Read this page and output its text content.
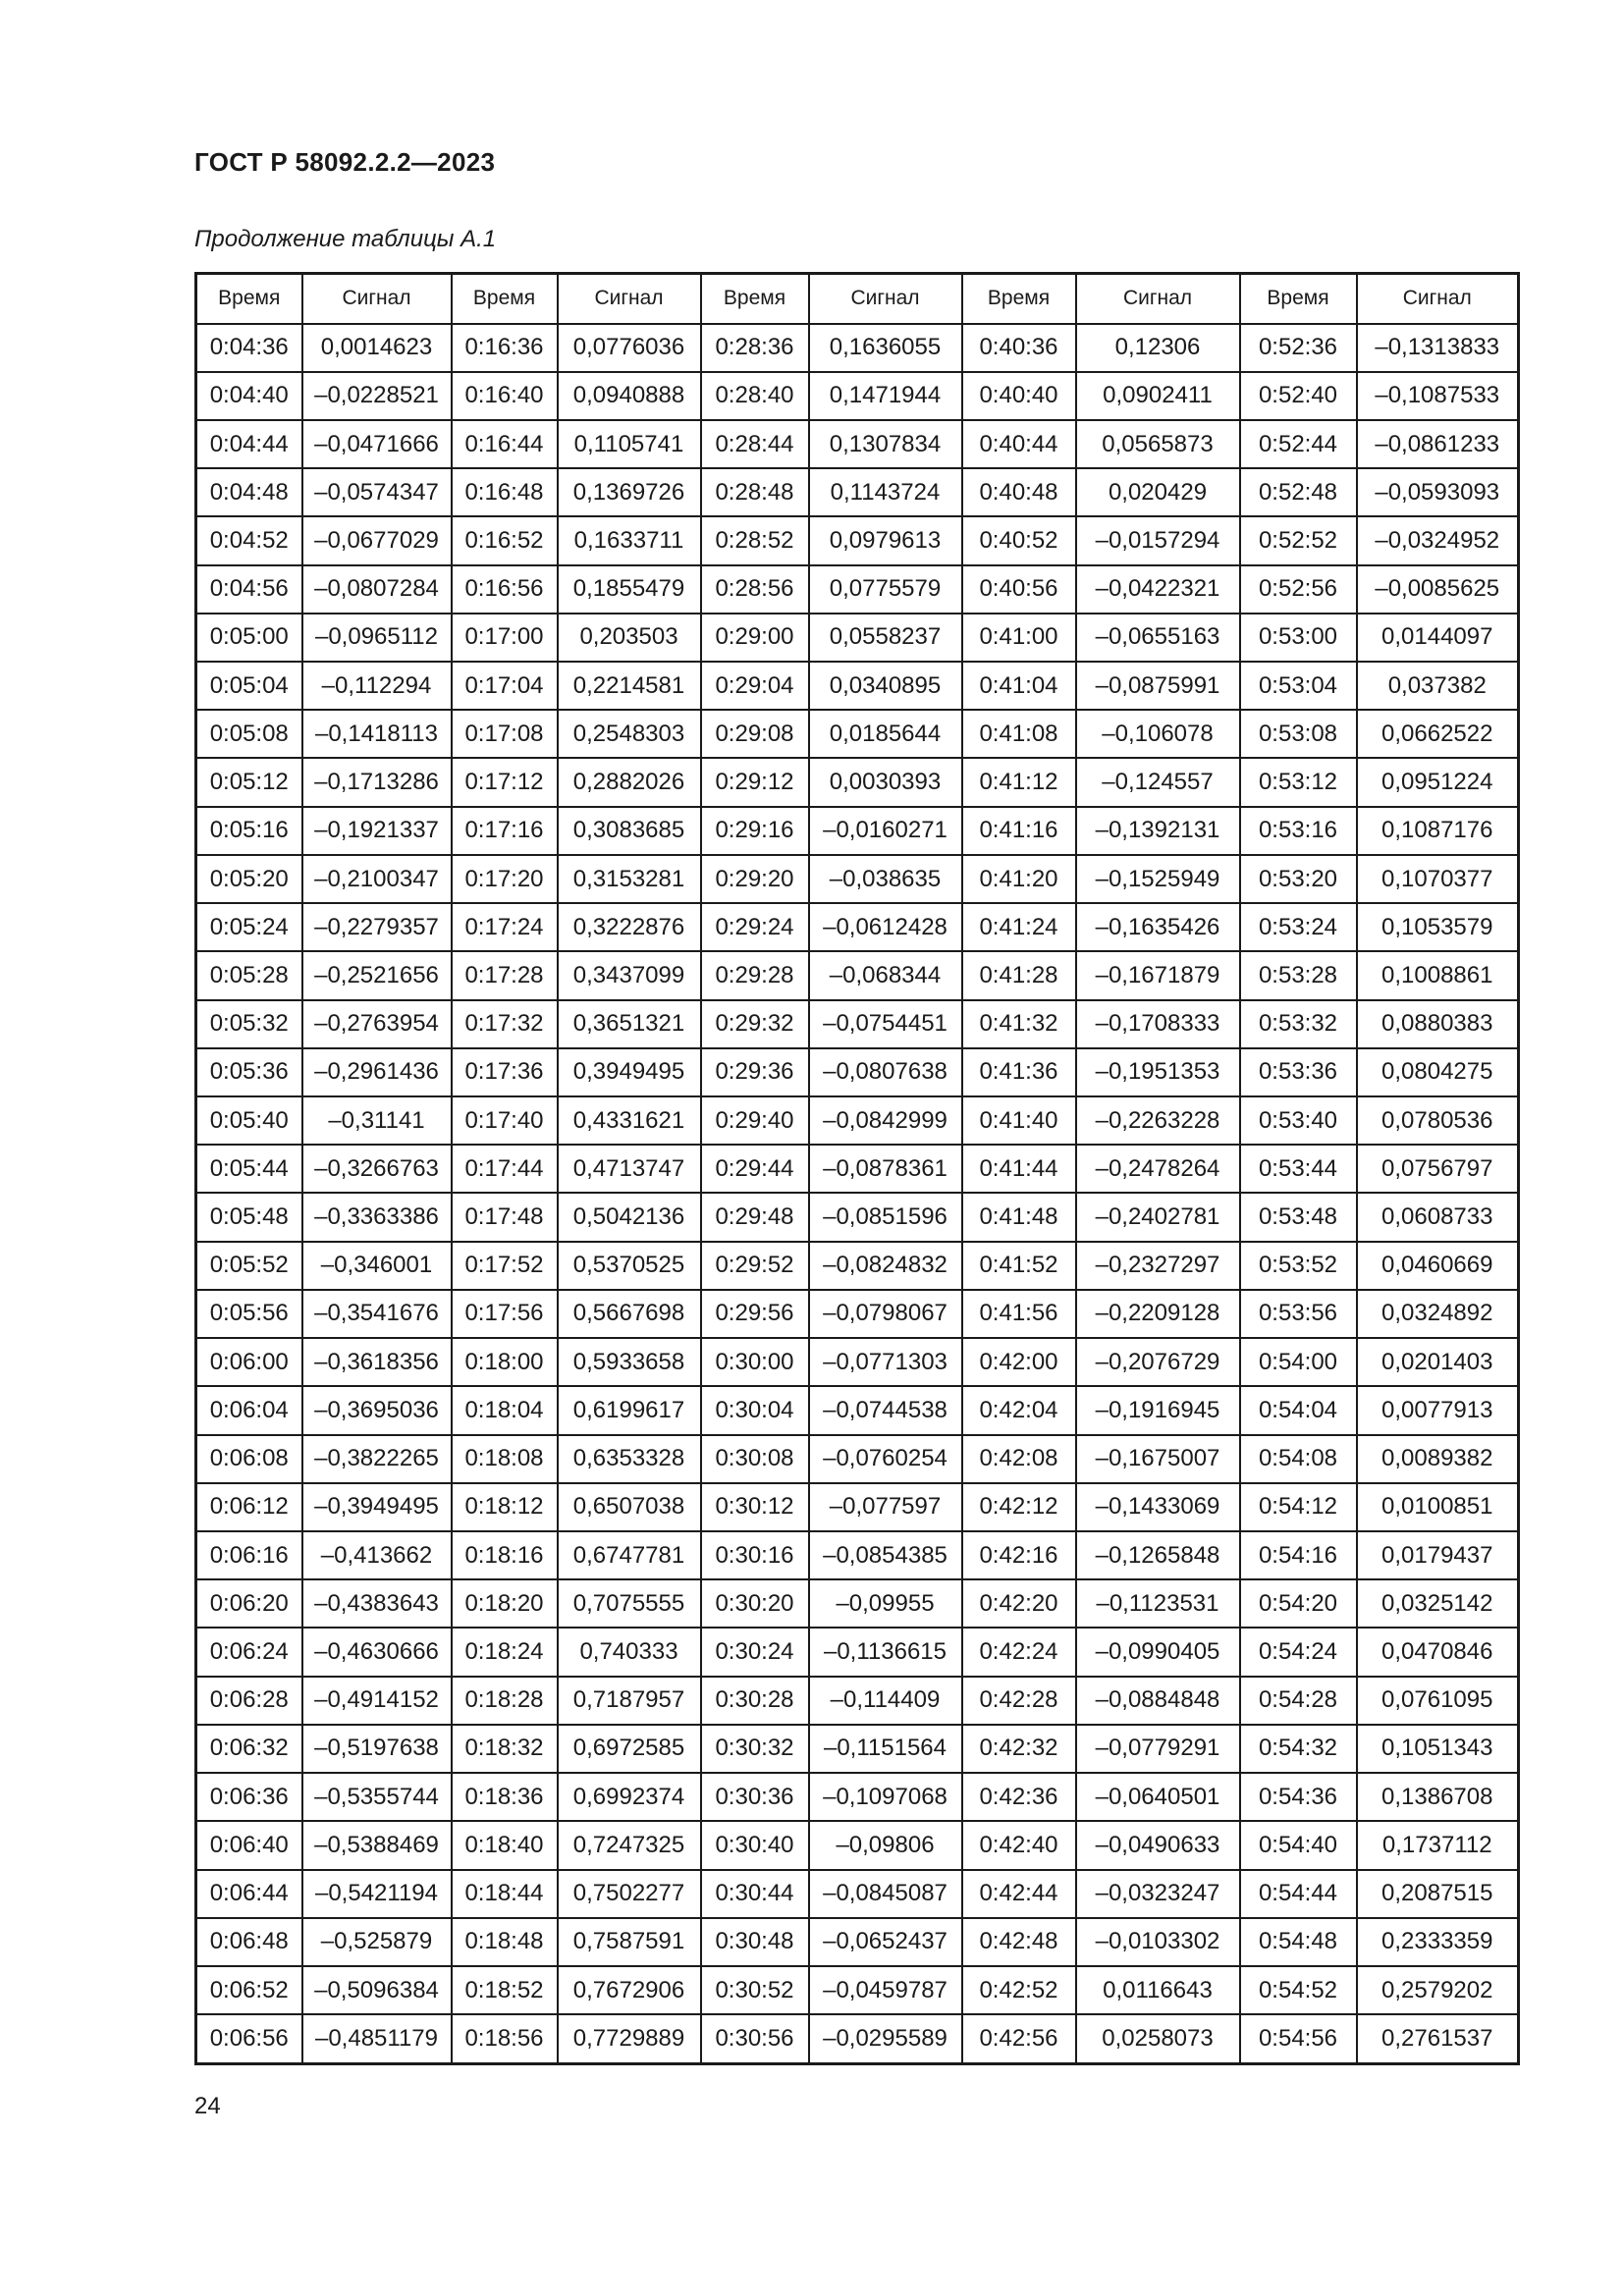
ГОСТ Р 58092.2.2—2023
Продолжение таблицы А.1
Время	Сигнал	Время	Сигнал	Время	Сигнал	Время	Сигнал	Время	Сигнал
0:04:36	0,0014623	0:16:36	0,0776036	0:28:36	0,1636055	0:40:36	0,12306	0:52:36	–0,1313833
0:04:40	–0,0228521	0:16:40	0,0940888	0:28:40	0,1471944	0:40:40	0,0902411	0:52:40	–0,1087533
0:04:44	–0,0471666	0:16:44	0,1105741	0:28:44	0,1307834	0:40:44	0,0565873	0:52:44	–0,0861233
0:04:48	–0,0574347	0:16:48	0,1369726	0:28:48	0,1143724	0:40:48	0,020429	0:52:48	–0,0593093
0:04:52	–0,0677029	0:16:52	0,1633711	0:28:52	0,0979613	0:40:52	–0,0157294	0:52:52	–0,0324952
0:04:56	–0,0807284	0:16:56	0,1855479	0:28:56	0,0775579	0:40:56	–0,0422321	0:52:56	–0,0085625
0:05:00	–0,0965112	0:17:00	0,203503	0:29:00	0,0558237	0:41:00	–0,0655163	0:53:00	0,0144097
0:05:04	–0,112294	0:17:04	0,2214581	0:29:04	0,0340895	0:41:04	–0,0875991	0:53:04	0,037382
0:05:08	–0,1418113	0:17:08	0,2548303	0:29:08	0,0185644	0:41:08	–0,106078	0:53:08	0,0662522
0:05:12	–0,1713286	0:17:12	0,2882026	0:29:12	0,0030393	0:41:12	–0,124557	0:53:12	0,0951224
0:05:16	–0,1921337	0:17:16	0,3083685	0:29:16	–0,0160271	0:41:16	–0,1392131	0:53:16	0,1087176
0:05:20	–0,2100347	0:17:20	0,3153281	0:29:20	–0,038635	0:41:20	–0,1525949	0:53:20	0,1070377
0:05:24	–0,2279357	0:17:24	0,3222876	0:29:24	–0,0612428	0:41:24	–0,1635426	0:53:24	0,1053579
0:05:28	–0,2521656	0:17:28	0,3437099	0:29:28	–0,068344	0:41:28	–0,1671879	0:53:28	0,1008861
0:05:32	–0,2763954	0:17:32	0,3651321	0:29:32	–0,0754451	0:41:32	–0,1708333	0:53:32	0,0880383
0:05:36	–0,2961436	0:17:36	0,3949495	0:29:36	–0,0807638	0:41:36	–0,1951353	0:53:36	0,0804275
0:05:40	–0,31141	0:17:40	0,4331621	0:29:40	–0,0842999	0:41:40	–0,2263228	0:53:40	0,0780536
0:05:44	–0,3266763	0:17:44	0,4713747	0:29:44	–0,0878361	0:41:44	–0,2478264	0:53:44	0,0756797
0:05:48	–0,3363386	0:17:48	0,5042136	0:29:48	–0,0851596	0:41:48	–0,2402781	0:53:48	0,0608733
0:05:52	–0,346001	0:17:52	0,5370525	0:29:52	–0,0824832	0:41:52	–0,2327297	0:53:52	0,0460669
0:05:56	–0,3541676	0:17:56	0,5667698	0:29:56	–0,0798067	0:41:56	–0,2209128	0:53:56	0,0324892
0:06:00	–0,3618356	0:18:00	0,5933658	0:30:00	–0,0771303	0:42:00	–0,2076729	0:54:00	0,0201403
0:06:04	–0,3695036	0:18:04	0,6199617	0:30:04	–0,0744538	0:42:04	–0,1916945	0:54:04	0,0077913
0:06:08	–0,3822265	0:18:08	0,6353328	0:30:08	–0,0760254	0:42:08	–0,1675007	0:54:08	0,0089382
0:06:12	–0,3949495	0:18:12	0,6507038	0:30:12	–0,077597	0:42:12	–0,1433069	0:54:12	0,0100851
0:06:16	–0,413662	0:18:16	0,6747781	0:30:16	–0,0854385	0:42:16	–0,1265848	0:54:16	0,0179437
0:06:20	–0,4383643	0:18:20	0,7075555	0:30:20	–0,09955	0:42:20	–0,1123531	0:54:20	0,0325142
0:06:24	–0,4630666	0:18:24	0,740333	0:30:24	–0,1136615	0:42:24	–0,0990405	0:54:24	0,0470846
0:06:28	–0,4914152	0:18:28	0,7187957	0:30:28	–0,114409	0:42:28	–0,0884848	0:54:28	0,0761095
0:06:32	–0,5197638	0:18:32	0,6972585	0:30:32	–0,1151564	0:42:32	–0,0779291	0:54:32	0,1051343
0:06:36	–0,5355744	0:18:36	0,6992374	0:30:36	–0,1097068	0:42:36	–0,0640501	0:54:36	0,1386708
0:06:40	–0,5388469	0:18:40	0,7247325	0:30:40	–0,09806	0:42:40	–0,0490633	0:54:40	0,1737112
0:06:44	–0,5421194	0:18:44	0,7502277	0:30:44	–0,0845087	0:42:44	–0,0323247	0:54:44	0,2087515
0:06:48	–0,525879	0:18:48	0,7587591	0:30:48	–0,0652437	0:42:48	–0,0103302	0:54:48	0,2333359
0:06:52	–0,5096384	0:18:52	0,7672906	0:30:52	–0,0459787	0:42:52	0,0116643	0:54:52	0,2579202
0:06:56	–0,4851179	0:18:56	0,7729889	0:30:56	–0,0295589	0:42:56	0,0258073	0:54:56	0,2761537
24
